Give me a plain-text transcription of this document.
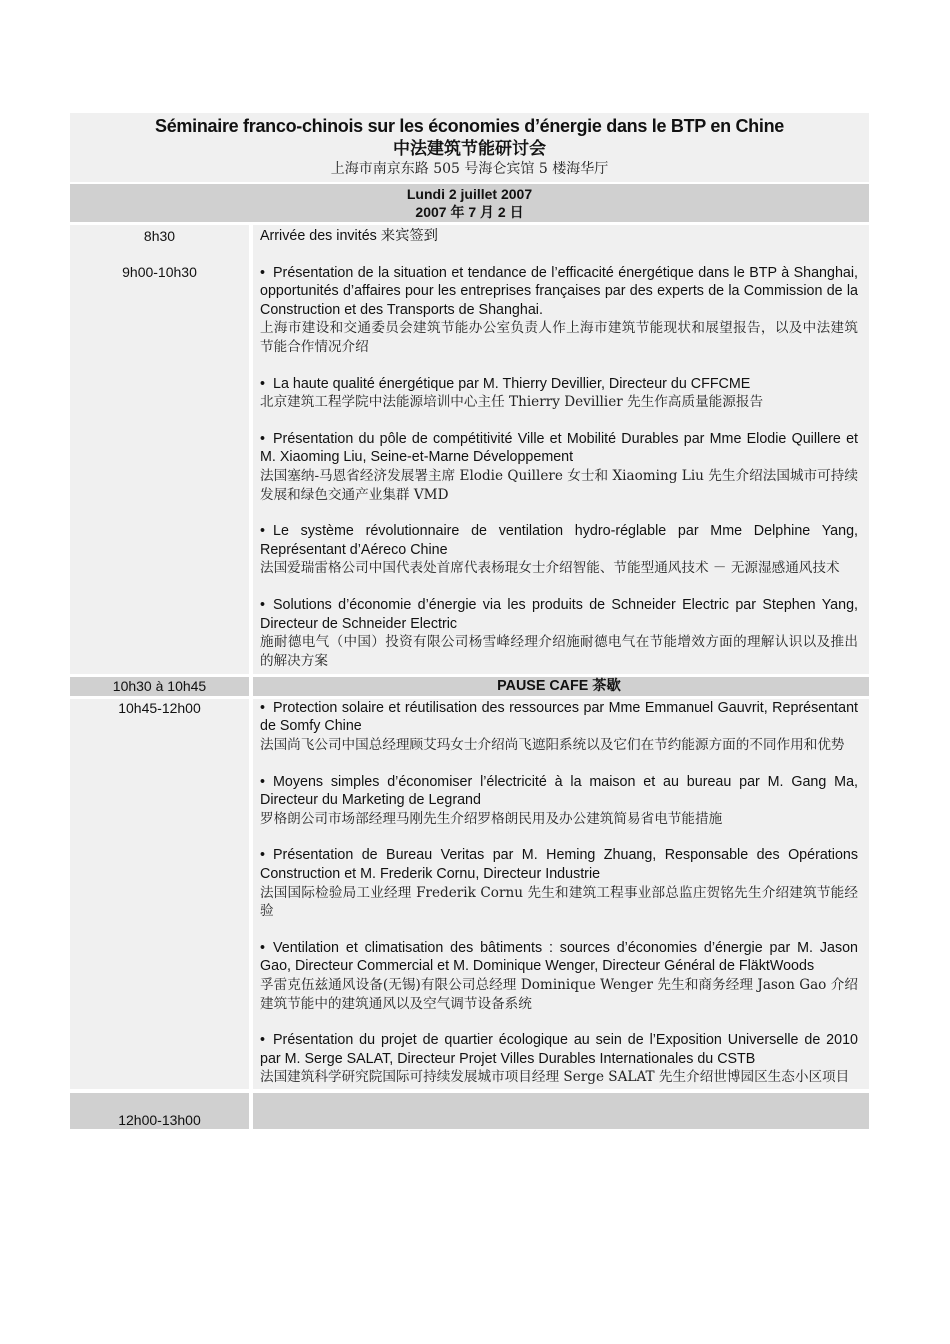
Séminaire franco-chinois sur les économies d’énergie dans le BTP en Chine
中法建筑节能研讨会
上海市南京东路 505 号海仑宾馆 5 楼海华厅
Lundi 2 juillet 2007
2007 年 7 月 2 日
8h30
9h00-10h30
Arrivée des invités 来宾签到
• Présentation de la situation et tendance de l’efficacité énergétique dans le BTP à Shanghai, opportunités d’affaires pour les entreprises françaises par des experts de la Commission de la Construction et des Transports de Shanghai.
上海市建设和交通委员会建筑节能办公室负责人作上海市建筑节能现状和展望报告，以及中法建筑节能合作情况介绍
• La haute qualité énergétique par M. Thierry Devillier, Directeur du CFFCME
北京建筑工程学院中法能源培训中心主任 Thierry Devillier 先生作高质量能源报告
• Présentation du pôle de compétitivité Ville et Mobilité Durables par Mme Elodie Quillere et M. Xiaoming Liu, Seine-et-Marne Développement
法国塞纳-马恩省经济发展署主席 Elodie Quillere 女士和 Xiaoming Liu 先生介绍法国城市可持续发展和绿色交通产业集群 VMD
• Le système révolutionnaire de ventilation hydro-réglable par Mme Delphine Yang, Représentant d’Aéreco Chine
法国爱瑞雷格公司中国代表处首席代表杨琨女士介绍智能、节能型通风技术 － 无源湿感通风技术
• Solutions d’économie d’énergie via les produits de Schneider Electric par Stephen Yang, Directeur de Schneider Electric
施耐德电气（中国）投资有限公司杨雪峰经理介绍施耐德电气在节能增效方面的理解认识以及推出的解决方案
10h30 à 10h45	PAUSE CAFE 茶歇
10h45-12h00
•	Protection solaire et réutilisation des ressources par Mme Emmanuel Gauvrit, Représentant de Somfy Chine
法国尚飞公司中国总经理顾艾玛女士介绍尚飞遮阳系统以及它们在节约能源方面的不同作用和优势
• Moyens simples d’économiser l’électricité à la maison et au bureau par M. Gang Ma, Directeur du Marketing de Legrand
罗格朗公司市场部经理马刚先生介绍罗格朗民用及办公建筑简易省电节能措施
• Présentation de Bureau Veritas par M. Heming Zhuang, Responsable des Opérations Construction et M. Frederik Cornu, Directeur Industrie
法国国际检验局工业经理 Frederik Cornu 先生和建筑工程事业部总监庄贺铭先生介绍建筑节能经验
• Ventilation et climatisation des bâtiments : sources d’économies d’énergie par M. Jason Gao, Directeur Commercial et M. Dominique Wenger, Directeur Général de FläktWoods
孚雷克伍兹通风设备(无锡)有限公司总经理 Dominique Wenger 先生和商务经理 Jason Gao 介绍建筑节能中的建筑通风以及空气调节设备系统
• Présentation du projet de quartier écologique au sein de l’Exposition Universelle de 2010 par M. Serge SALAT, Directeur Projet Villes Durables Internationales du CSTB
法国建筑科学研究院国际可持续发展城市项目经理 Serge SALAT 先生介绍世博园区生态小区项目
12h00-13h00
